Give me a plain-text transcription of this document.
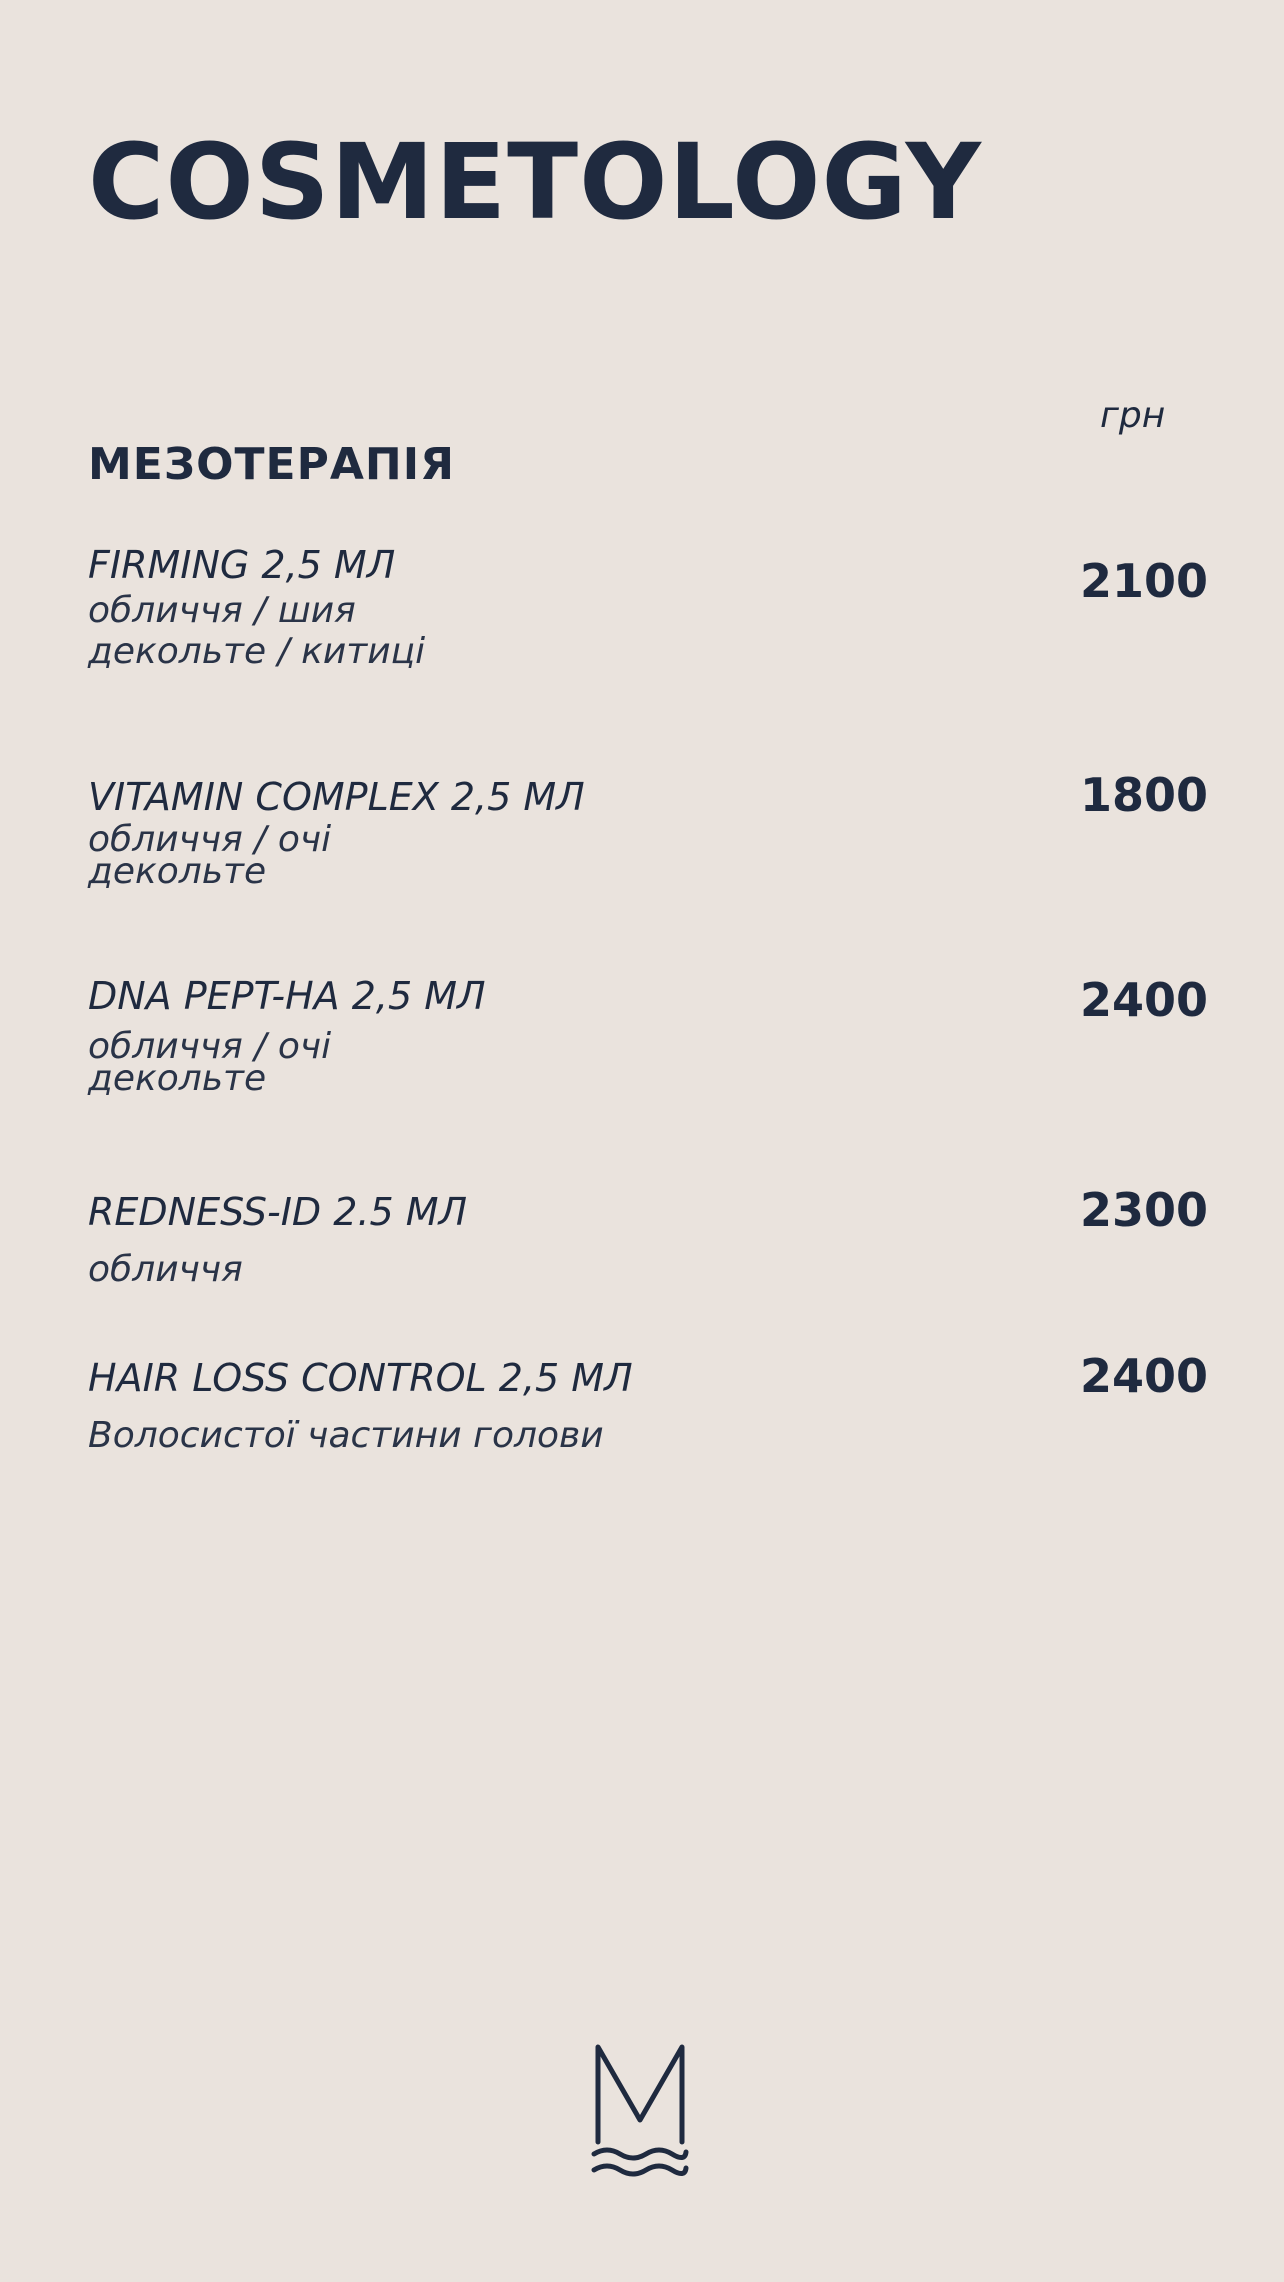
COSMETOLOGY
грн
МЕЗОТЕРАПІЯ
FIRMING 2,5 МЛ
обличчя / шия
декольте / китиці
2100
VITAMIN COMPLEX 2,5 МЛ
обличчя / очі
декольте
1800
DNA PEPT-HA 2,5 МЛ
обличчя / очі
декольте
2400
REDNESS-ID 2.5 МЛ
обличчя
2300
HAIR LOSS CONTROL 2,5 МЛ
Волосистої частини голови
2400
